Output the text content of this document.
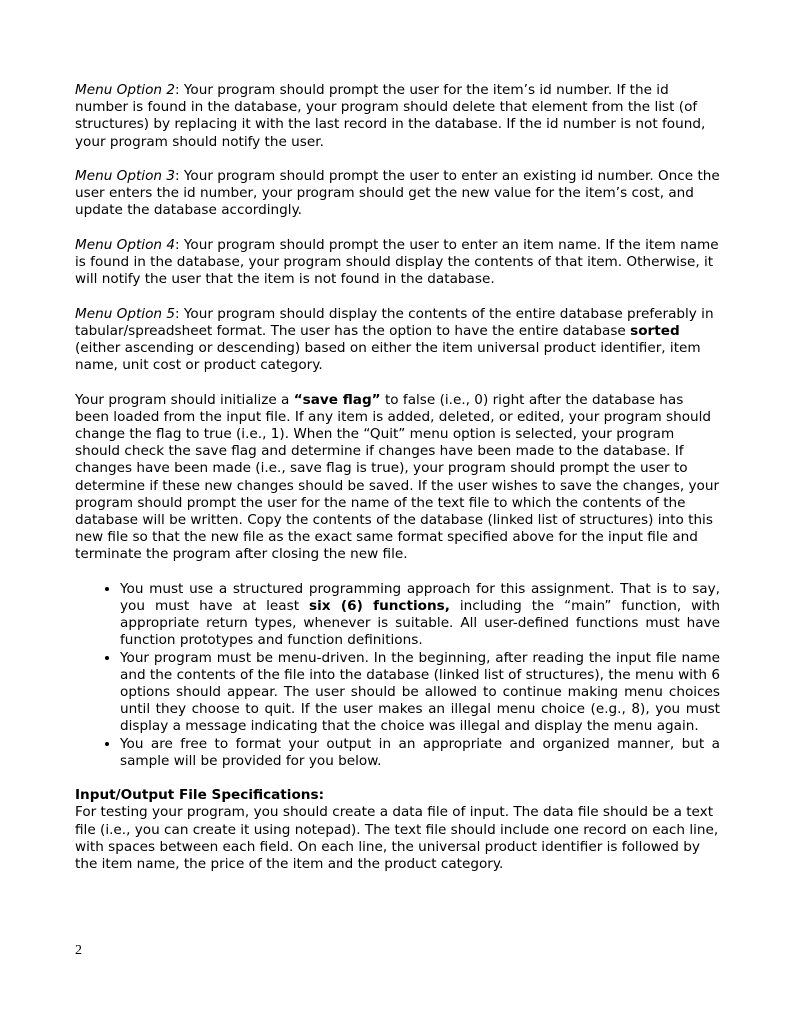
Menu Option 2: Your program should prompt the user for the item’s id number. If the id number is found in the database, your program should delete that element from the list (of structures) by replacing it with the last record in the database. If the id number is not found, your program should notify the user.

Menu Option 3: Your program should prompt the user to enter an existing id number. Once the user enters the id number, your program should get the new value for the item’s cost, and update the database accordingly.

Menu Option 4: Your program should prompt the user to enter an item name. If the item name is found in the database, your program should display the contents of that item. Otherwise, it will notify the user that the item is not found in the database.

Menu Option 5: Your program should display the contents of the entire database preferably in tabular/spreadsheet format. The user has the option to have the entire database sorted (either ascending or descending) based on either the item universal product identifier, item name, unit cost or product category.

Your program should initialize a “save flag” to false (i.e., 0) right after the database has been loaded from the input file. If any item is added, deleted, or edited, your program should change the flag to true (i.e., 1). When the “Quit” menu option is selected, your program should check the save flag and determine if changes have been made to the database. If changes have been made (i.e., save flag is true), your program should prompt the user to determine if these new changes should be saved. If the user wishes to save the changes, your program should prompt the user for the name of the text file to which the contents of the database will be written. Copy the contents of the database (linked list of structures) into this new file so that the new file as the exact same format specified above for the input file and terminate the program after closing the new file.

• You must use a structured programming approach for this assignment. That is to say, you must have at least six (6) functions, including the “main” function, with appropriate return types, whenever is suitable. All user-defined functions must have function prototypes and function definitions.
• Your program must be menu-driven. In the beginning, after reading the input file name and the contents of the file into the database (linked list of structures), the menu with 6 options should appear. The user should be allowed to continue making menu choices until they choose to quit. If the user makes an illegal menu choice (e.g., 8), you must display a message indicating that the choice was illegal and display the menu again.
• You are free to format your output in an appropriate and organized manner, but a sample will be provided for you below.

Input/Output File Specifications:

For testing your program, you should create a data file of input. The data file should be a text file (i.e., you can create it using notepad). The text file should include one record on each line, with spaces between each field. On each line, the universal product identifier is followed by the item name, the price of the item and the product category.

2
